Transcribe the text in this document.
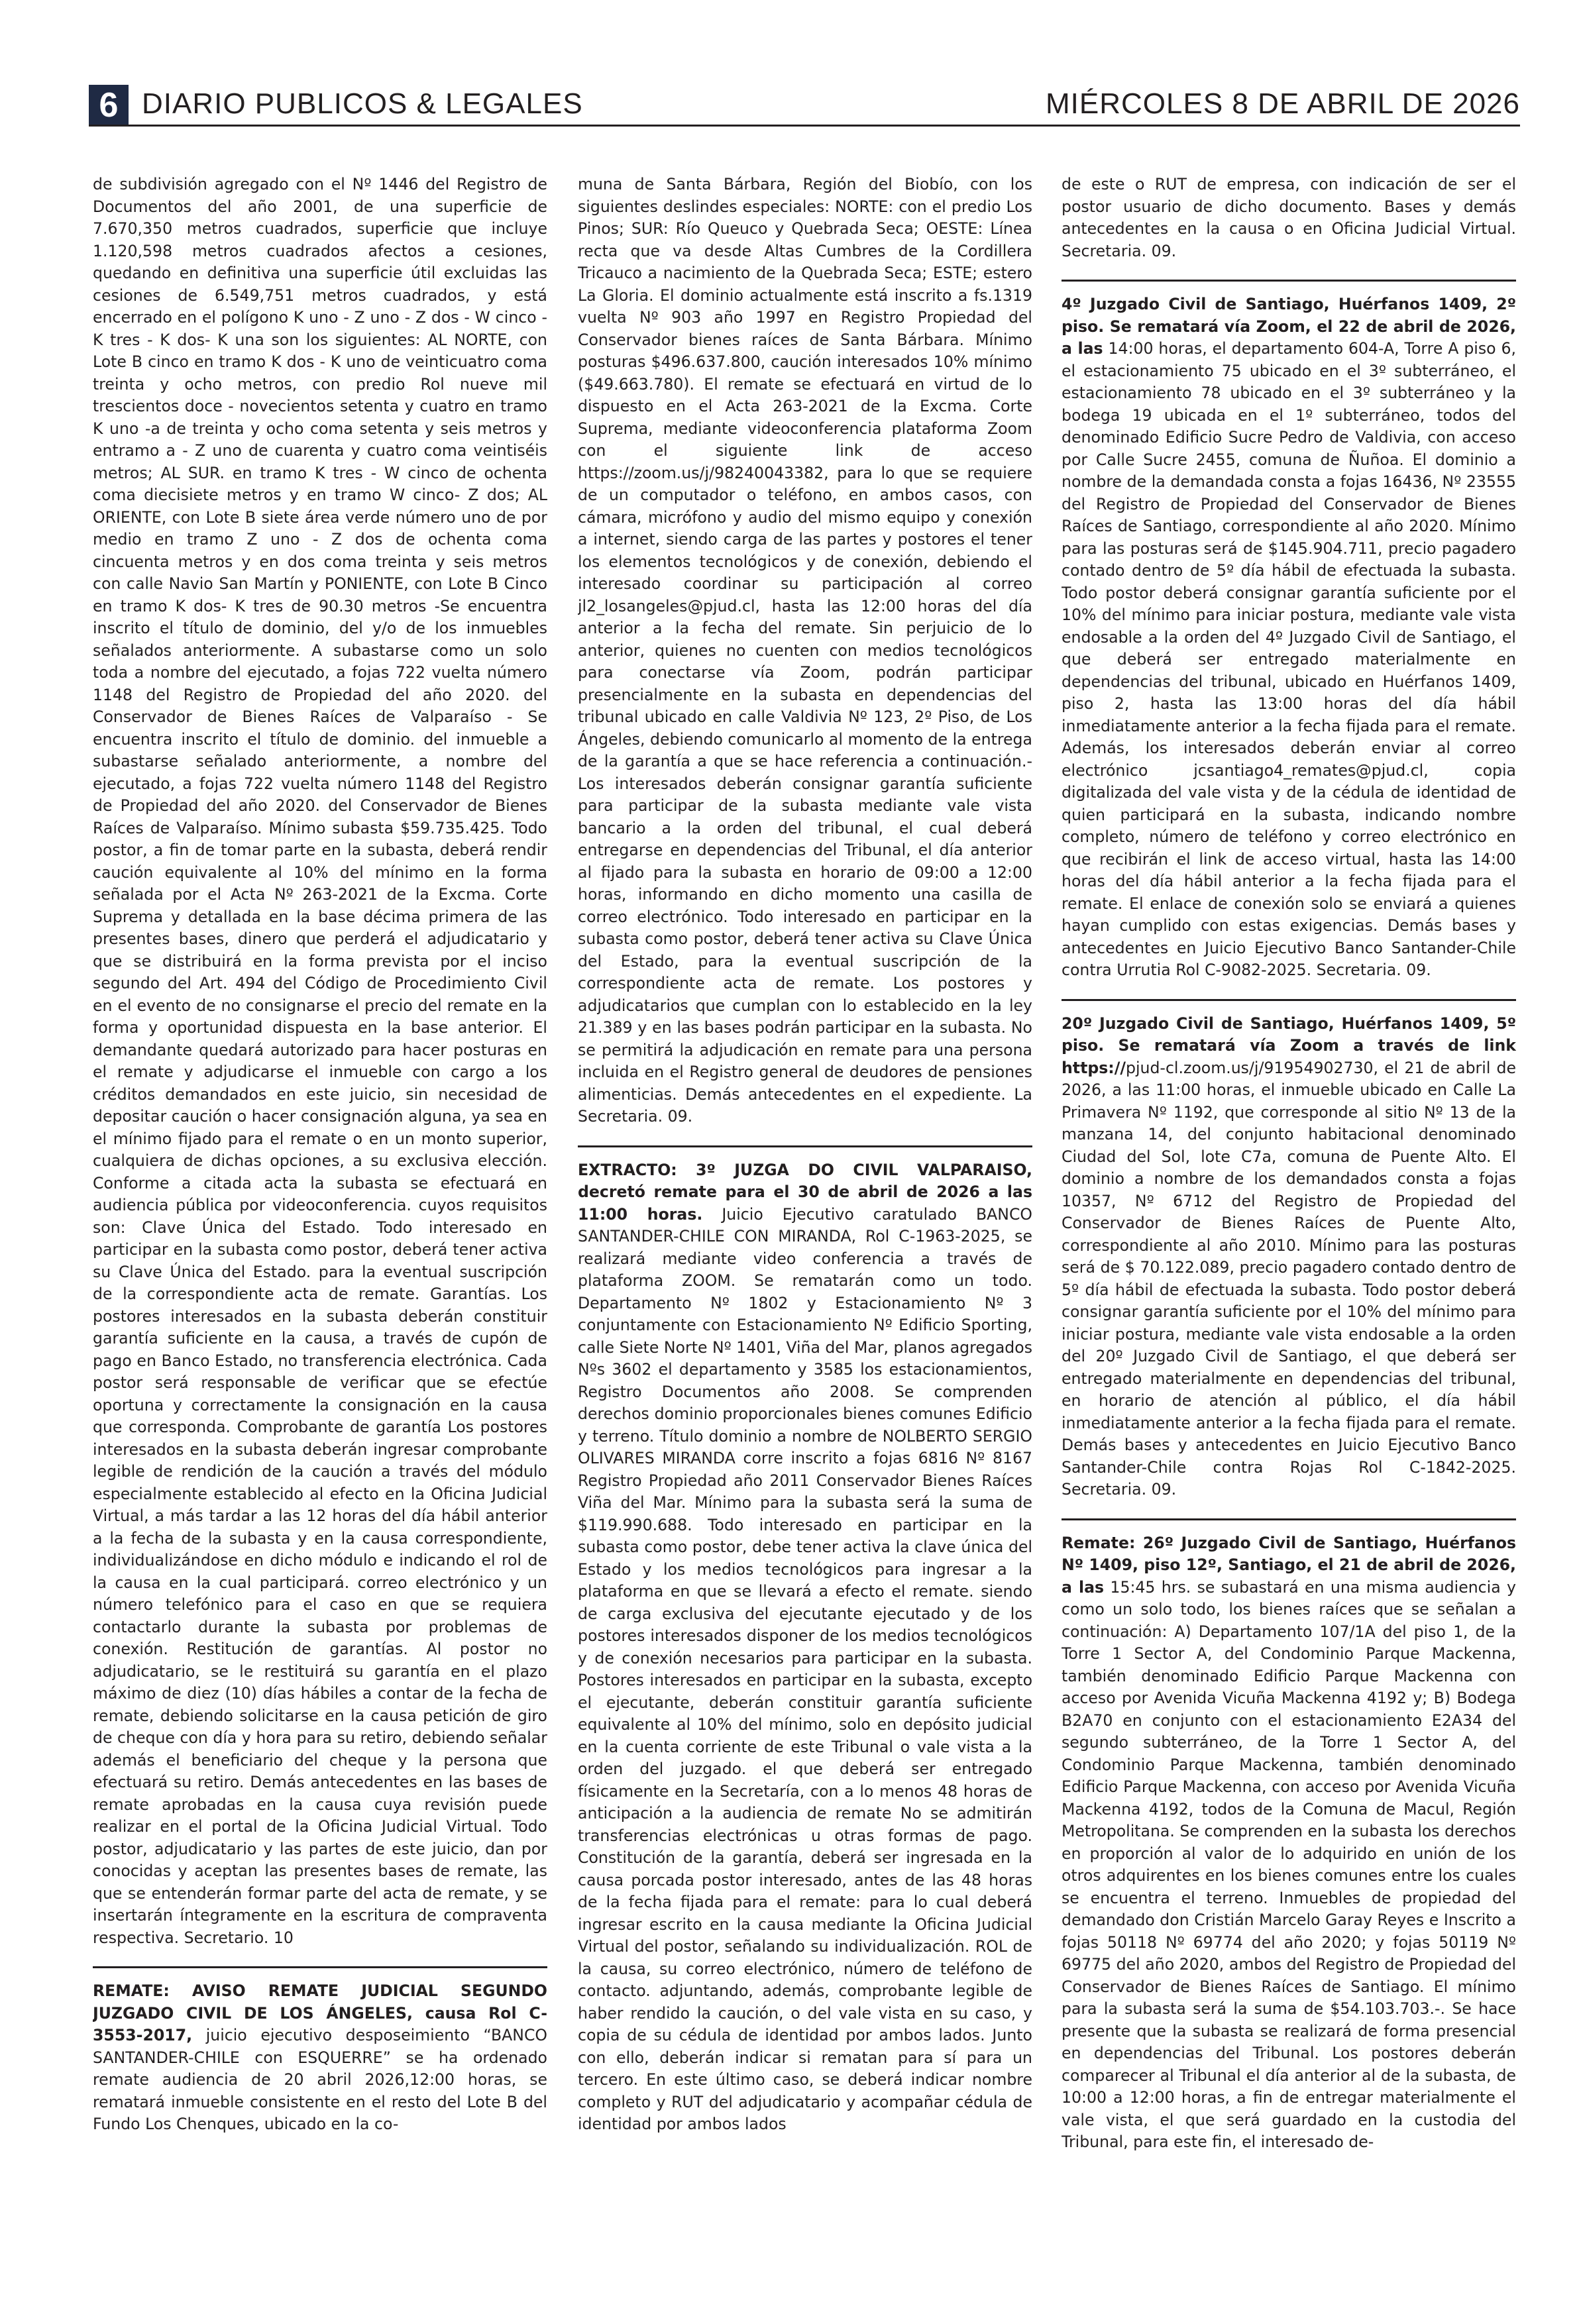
6 DIARIO PUBLICOS & LEGALES	MIÉRCOLES 8 DE ABRIL DE 2026

de subdivisión agregado con el Nº 1446 del Registro de Documentos del año 2001, de una superficie de 7.670,350 metros cuadrados, superficie que incluye 1.120,598 metros cuadrados afectos a cesiones, quedando en definitiva una superficie útil excluidas las cesiones de 6.549,751 metros cuadrados, y está encerrado en el polígono K uno - Z uno - Z dos - W cinco - K tres - K dos- K una son los siguientes: AL NORTE, con Lote B cinco en tramo K dos - K uno de veinticuatro coma treinta y ocho metros, con predio Rol nueve mil trescientos doce - novecientos setenta y cuatro en tramo K uno -a de treinta y ocho coma setenta y seis metros y entramo a - Z uno de cuarenta y cuatro coma veintiséis metros; AL SUR. en tramo K tres - W cinco de ochenta coma diecisiete metros y en tramo W cinco- Z dos; AL ORIENTE, con Lote B siete área verde número uno de por medio en tramo Z uno - Z dos de ochenta coma cincuenta metros y en dos coma treinta y seis metros con calle Navio San Martín y PONIENTE, con Lote B Cinco en tramo K dos- K tres de 90.30 metros -Se encuentra inscrito el título de dominio, del y/o de los inmuebles señalados anteriormente. A subastarse como un solo toda a nombre del ejecutado, a fojas 722 vuelta número 1148 del Registro de Propiedad del año 2020. del Conservador de Bienes Raíces de Valparaíso - Se encuentra inscrito el título de dominio. del inmueble a subastarse señalado anteriormente, a nombre del ejecutado, a fojas 722 vuelta número 1148 del Registro de Propiedad del año 2020. del Conservador de Bienes Raíces de Valparaíso. Mínimo subasta $59.735.425. Todo postor, a fin de tomar parte en la subasta, deberá rendir caución equivalente al 10% del mínimo en la forma señalada por el Acta Nº 263-2021 de la Excma. Corte Suprema y detallada en la base décima primera de las presentes bases, dinero que perderá el adjudicatario y que se distribuirá en la forma prevista por el inciso segundo del Art. 494 del Código de Procedimiento Civil en el evento de no consignarse el precio del remate en la forma y oportunidad dispuesta en la base anterior. El demandante quedará autorizado para hacer posturas en el remate y adjudicarse el inmueble con cargo a los créditos demandados en este juicio, sin necesidad de depositar caución o hacer consignación alguna, ya sea en el mínimo fijado para el remate o en un monto superior, cualquiera de dichas opciones, a su exclusiva elección. Conforme a citada acta la subasta se efectuará en audiencia pública por videoconferencia. cuyos requisitos son: Clave Única del Estado. Todo interesado en participar en la subasta como postor, deberá tener activa su Clave Única del Estado. para la eventual suscripción de la correspondiente acta de remate. Garantías. Los postores interesados en la subasta deberán constituir garantía suficiente en la causa, a través de cupón de pago en Banco Estado, no transferencia electrónica. Cada postor será responsable de verificar que se efectúe oportuna y correctamente la consignación en la causa que corresponda. Comprobante de garantía Los postores interesados en la subasta deberán ingresar comprobante legible de rendición de la caución a través del módulo especialmente establecido al efecto en la Oficina Judicial Virtual, a más tardar a las 12 horas del día hábil anterior a la fecha de la subasta y en la causa correspondiente, individualizándose en dicho módulo e indicando el rol de la causa en la cual participará. correo electrónico y un número telefónico para el caso en que se requiera contactarlo durante la subasta por problemas de conexión. Restitución de garantías. Al postor no adjudicatario, se le restituirá su garantía en el plazo máximo de diez (10) días hábiles a contar de la fecha de remate, debiendo solicitarse en la causa petición de giro de cheque con día y hora para su retiro, debiendo señalar además el beneficiario del cheque y la persona que efectuará su retiro. Demás antecedentes en las bases de remate aprobadas en la causa cuya revisión puede realizar en el portal de la Oficina Judicial Virtual. Todo postor, adjudicatario y las partes de este juicio, dan por conocidas y aceptan las presentes bases de remate, las que se entenderán formar parte del acta de remate, y se insertarán íntegramente en la escritura de compraventa respectiva. Secretario. 10

REMATE: AVISO REMATE JUDICIAL SEGUNDO JUZGADO CIVIL DE LOS ÁNGELES, causa Rol C-3553-2017, juicio ejecutivo desposeimiento “BANCO SANTANDER-CHILE con ESQUERRE” se ha ordenado remate audiencia de 20 abril 2026,12:00 horas, se rematará inmueble consistente en el resto del Lote B del Fundo Los Chenques, ubicado en la co-

muna de Santa Bárbara, Región del Biobío, con los siguientes deslindes especiales: NORTE: con el predio Los Pinos; SUR: Río Queuco y Quebrada Seca; OESTE: Línea recta que va desde Altas Cumbres de la Cordillera Tricauco a nacimiento de la Quebrada Seca; ESTE; estero La Gloria. El dominio actualmente está inscrito a fs.1319 vuelta Nº 903 año 1997 en Registro Propiedad del Conservador bienes raíces de Santa Bárbara. Mínimo posturas $496.637.800, caución interesados 10% mínimo ($49.663.780). El remate se efectuará en virtud de lo dispuesto en el Acta 263-2021 de la Excma. Corte Suprema, mediante videoconferencia plataforma Zoom con el siguiente link de acceso https://zoom.us/j/98240043382, para lo que se requiere de un computador o teléfono, en ambos casos, con cámara, micrófono y audio del mismo equipo y conexión a internet, siendo carga de las partes y postores el tener los elementos tecnológicos y de conexión, debiendo el interesado coordinar su participación al correo jl2_losangeles@pjud.cl, hasta las 12:00 horas del día anterior a la fecha del remate. Sin perjuicio de lo anterior, quienes no cuenten con medios tecnológicos para conectarse vía Zoom, podrán participar presencialmente en la subasta en dependencias del tribunal ubicado en calle Valdivia Nº 123, 2º Piso, de Los Ángeles, debiendo comunicarlo al momento de la entrega de la garantía a que se hace referencia a continuación.-Los interesados deberán consignar garantía suficiente para participar de la subasta mediante vale vista bancario a la orden del tribunal, el cual deberá entregarse en dependencias del Tribunal, el día anterior al fijado para la subasta en horario de 09:00 a 12:00 horas, informando en dicho momento una casilla de correo electrónico. Todo interesado en participar en la subasta como postor, deberá tener activa su Clave Única del Estado, para la eventual suscripción de la correspondiente acta de remate. Los postores y adjudicatarios que cumplan con lo establecido en la ley 21.389 y en las bases podrán participar en la subasta. No se permitirá la adjudicación en remate para una persona incluida en el Registro general de deudores de pensiones alimenticias. Demás antecedentes en el expediente. La Secretaria. 09.

EXTRACTO: 3º JUZGA DO CIVIL VALPARAISO, decretó remate para el 30 de abril de 2026 a las 11:00 horas. Juicio Ejecutivo caratulado BANCO SANTANDER-CHILE CON MIRANDA, Rol C-1963-2025, se realizará mediante video conferencia a través de plataforma ZOOM. Se rematarán como un todo. Departamento Nº 1802 y Estacionamiento Nº 3 conjuntamente con Estacionamiento Nº Edificio Sporting, calle Siete Norte Nº 1401, Viña del Mar, planos agregados Nºs 3602 el departamento y 3585 los estacionamientos, Registro Documentos año 2008. Se comprenden derechos dominio proporcionales bienes comunes Edificio y terreno. Título dominio a nombre de NOLBERTO SERGIO OLIVARES MIRANDA corre inscrito a fojas 6816 Nº 8167 Registro Propiedad año 2011 Conservador Bienes Raíces Viña del Mar. Mínimo para la subasta será la suma de $119.990.688. Todo interesado en participar en la subasta como postor, debe tener activa la clave única del Estado y los medios tecnológicos para ingresar a la plataforma en que se llevará a efecto el remate. siendo de carga exclusiva del ejecutante ejecutado y de los postores interesados disponer de los medios tecnológicos y de conexión necesarios para participar en la subasta. Postores interesados en participar en la subasta, excepto el ejecutante, deberán constituir garantía suficiente equivalente al 10% del mínimo, solo en depósito judicial en la cuenta corriente de este Tribunal o vale vista a la orden del juzgado. el que deberá ser entregado físicamente en la Secretaría, con a lo menos 48 horas de anticipación a la audiencia de remate No se admitirán transferencias electrónicas u otras formas de pago. Constitución de la garantía, deberá ser ingresada en la causa porcada postor interesado, antes de las 48 horas de la fecha fijada para el remate: para lo cual deberá ingresar escrito en la causa mediante la Oficina Judicial Virtual del postor, señalando su individualización. ROL de la causa, su correo electrónico, número de teléfono de contacto. adjuntando, además, comprobante legible de haber rendido la caución, o del vale vista en su caso, y copia de su cédula de identidad por ambos lados. Junto con ello, deberán indicar si rematan para sí para un tercero. En este último caso, se deberá indicar nombre completo y RUT del adjudicatario y acompañar cédula de identidad por ambos lados

de este o RUT de empresa, con indicación de ser el postor usuario de dicho documento. Bases y demás antecedentes en la causa o en Oficina Judicial Virtual. Secretaria. 09.

4º Juzgado Civil de Santiago, Huérfanos 1409, 2º piso. Se rematará vía Zoom, el 22 de abril de 2026, a las 14:00 horas, el departamento 604-A, Torre A piso 6, el estacionamiento 75 ubicado en el 3º subterráneo, el estacionamiento 78 ubicado en el 3º subterráneo y la bodega 19 ubicada en el 1º subterráneo, todos del denominado Edificio Sucre Pedro de Valdivia, con acceso por Calle Sucre 2455, comuna de Ñuñoa. El dominio a nombre de la demandada consta a fojas 16436, Nº 23555 del Registro de Propiedad del Conservador de Bienes Raíces de Santiago, correspondiente al año 2020. Mínimo para las posturas será de $145.904.711, precio pagadero contado dentro de 5º día hábil de efectuada la subasta. Todo postor deberá consignar garantía suficiente por el 10% del mínimo para iniciar postura, mediante vale vista endosable a la orden del 4º Juzgado Civil de Santiago, el que deberá ser entregado materialmente en dependencias del tribunal, ubicado en Huérfanos 1409, piso 2, hasta las 13:00 horas del día hábil inmediatamente anterior a la fecha fijada para el remate. Además, los interesados deberán enviar al correo electrónico jcsantiago4_remates@pjud.cl, copia digitalizada del vale vista y de la cédula de identidad de quien participará en la subasta, indicando nombre completo, número de teléfono y correo electrónico en que recibirán el link de acceso virtual, hasta las 14:00 horas del día hábil anterior a la fecha fijada para el remate. El enlace de conexión solo se enviará a quienes hayan cumplido con estas exigencias. Demás bases y antecedentes en Juicio Ejecutivo Banco Santander-Chile contra Urrutia Rol C-9082-2025. Secretaria. 09.

20º Juzgado Civil de Santiago, Huérfanos 1409, 5º piso. Se rematará vía Zoom a través de link https://pjud-cl.zoom.us/j/91954902730, el 21 de abril de 2026, a las 11:00 horas, el inmueble ubicado en Calle La Primavera Nº 1192, que corresponde al sitio Nº 13 de la manzana 14, del conjunto habitacional denominado Ciudad del Sol, lote C7a, comuna de Puente Alto. El dominio a nombre de los demandados consta a fojas 10357, Nº 6712 del Registro de Propiedad del Conservador de Bienes Raíces de Puente Alto, correspondiente al año 2010. Mínimo para las posturas será de $ 70.122.089, precio pagadero contado dentro de 5º día hábil de efectuada la subasta. Todo postor deberá consignar garantía suficiente por el 10% del mínimo para iniciar postura, mediante vale vista endosable a la orden del 20º Juzgado Civil de Santiago, el que deberá ser entregado materialmente en dependencias del tribunal, en horario de atención al público, el día hábil inmediatamente anterior a la fecha fijada para el remate. Demás bases y antecedentes en Juicio Ejecutivo Banco Santander-Chile contra Rojas Rol C-1842-2025. Secretaria. 09.

Remate: 26º Juzgado Civil de Santiago, Huérfanos Nº 1409, piso 12º, Santiago, el 21 de abril de 2026, a las 15:45 hrs. se subastará en una misma audiencia y como un solo todo, los bienes raíces que se señalan a continuación: A) Departamento 107/1A del piso 1, de la Torre 1 Sector A, del Condominio Parque Mackenna, también denominado Edificio Parque Mackenna con acceso por Avenida Vicuña Mackenna 4192 y; B) Bodega B2A70 en conjunto con el estacionamiento E2A34 del segundo subterráneo, de la Torre 1 Sector A, del Condominio Parque Mackenna, también denominado Edificio Parque Mackenna, con acceso por Avenida Vicuña Mackenna 4192, todos de la Comuna de Macul, Región Metropolitana. Se comprenden en la subasta los derechos en proporción al valor de lo adquirido en unión de los otros adquirentes en los bienes comunes entre los cuales se encuentra el terreno. Inmuebles de propiedad del demandado don Cristián Marcelo Garay Reyes e Inscrito a fojas 50118 Nº 69774 del año 2020; y fojas 50119 Nº 69775 del año 2020, ambos del Registro de Propiedad del Conservador de Bienes Raíces de Santiago. El mínimo para la subasta será la suma de $54.103.703.-. Se hace presente que la subasta se realizará de forma presencial en dependencias del Tribunal. Los postores deberán comparecer al Tribunal el día anterior al de la subasta, de 10:00 a 12:00 horas, a fin de entregar materialmente el vale vista, el que será guardado en la custodia del Tribunal, para este fin, el interesado de-
